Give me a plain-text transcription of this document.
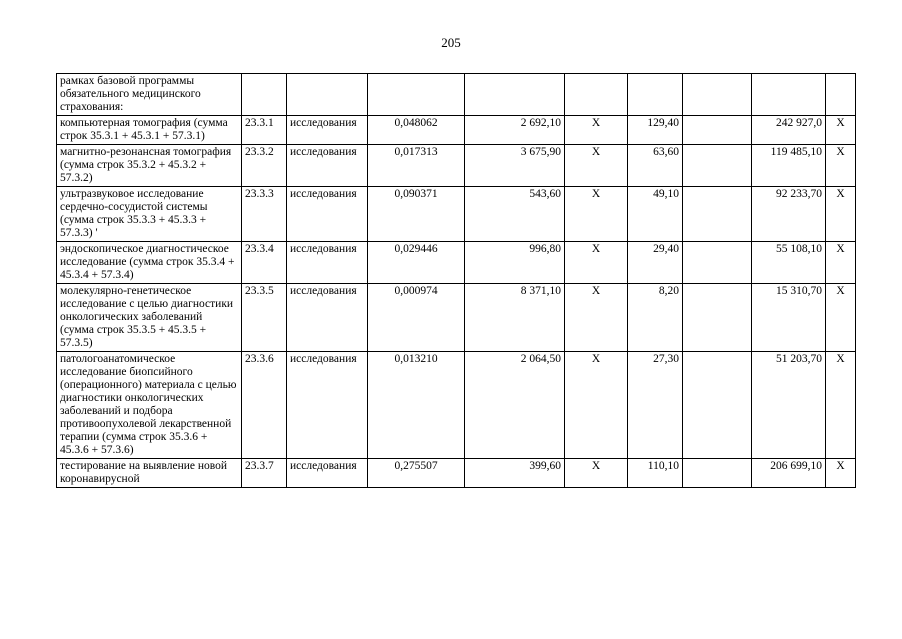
205
рамках базовой программы обязательного медицинского страхования:									
компьютерная томография (сумма строк 35.3.1 + 45.3.1 + 57.3.1)	23.3.1	исследования	0,048062	2 692,10	Х	129,40		242 927,0	Х
магнитно-резонансная томография (сумма строк 35.3.2 + 45.3.2 + 57.3.2)	23.3.2	исследования	0,017313	3 675,90	Х	63,60		119 485,10	Х
ультразвуковое исследование сердечно-сосудистой системы (сумма строк 35.3.3 + 45.3.3 + 57.3.3) '	23.3.3	исследования	0,090371	543,60	Х	49,10		92 233,70	Х
эндоскопическое диагностическое исследование (сумма строк 35.3.4 + 45.3.4 + 57.3.4)	23.3.4	исследования	0,029446	996,80	Х	29,40		55 108,10	Х
молекулярно-генетическое исследование с целью диагностики онкологических заболеваний (сумма строк 35.3.5 + 45.3.5 + 57.3.5)	23.3.5	исследования	0,000974	8 371,10	Х	8,20		15 310,70	Х
патологоанатомическое исследование биопсийного (операционного) материала с целью диагностики онкологических заболеваний и подбора противоопухолевой лекарственной терапии (сумма строк 35.3.6 + 45.3.6 + 57.3.6)	23.3.6	исследования	0,013210	2 064,50	Х	27,30		51 203,70	Х
тестирование на выявление новой коронавирусной	23.3.7	исследования	0,275507	399,60	Х	110,10		206 699,10	Х
